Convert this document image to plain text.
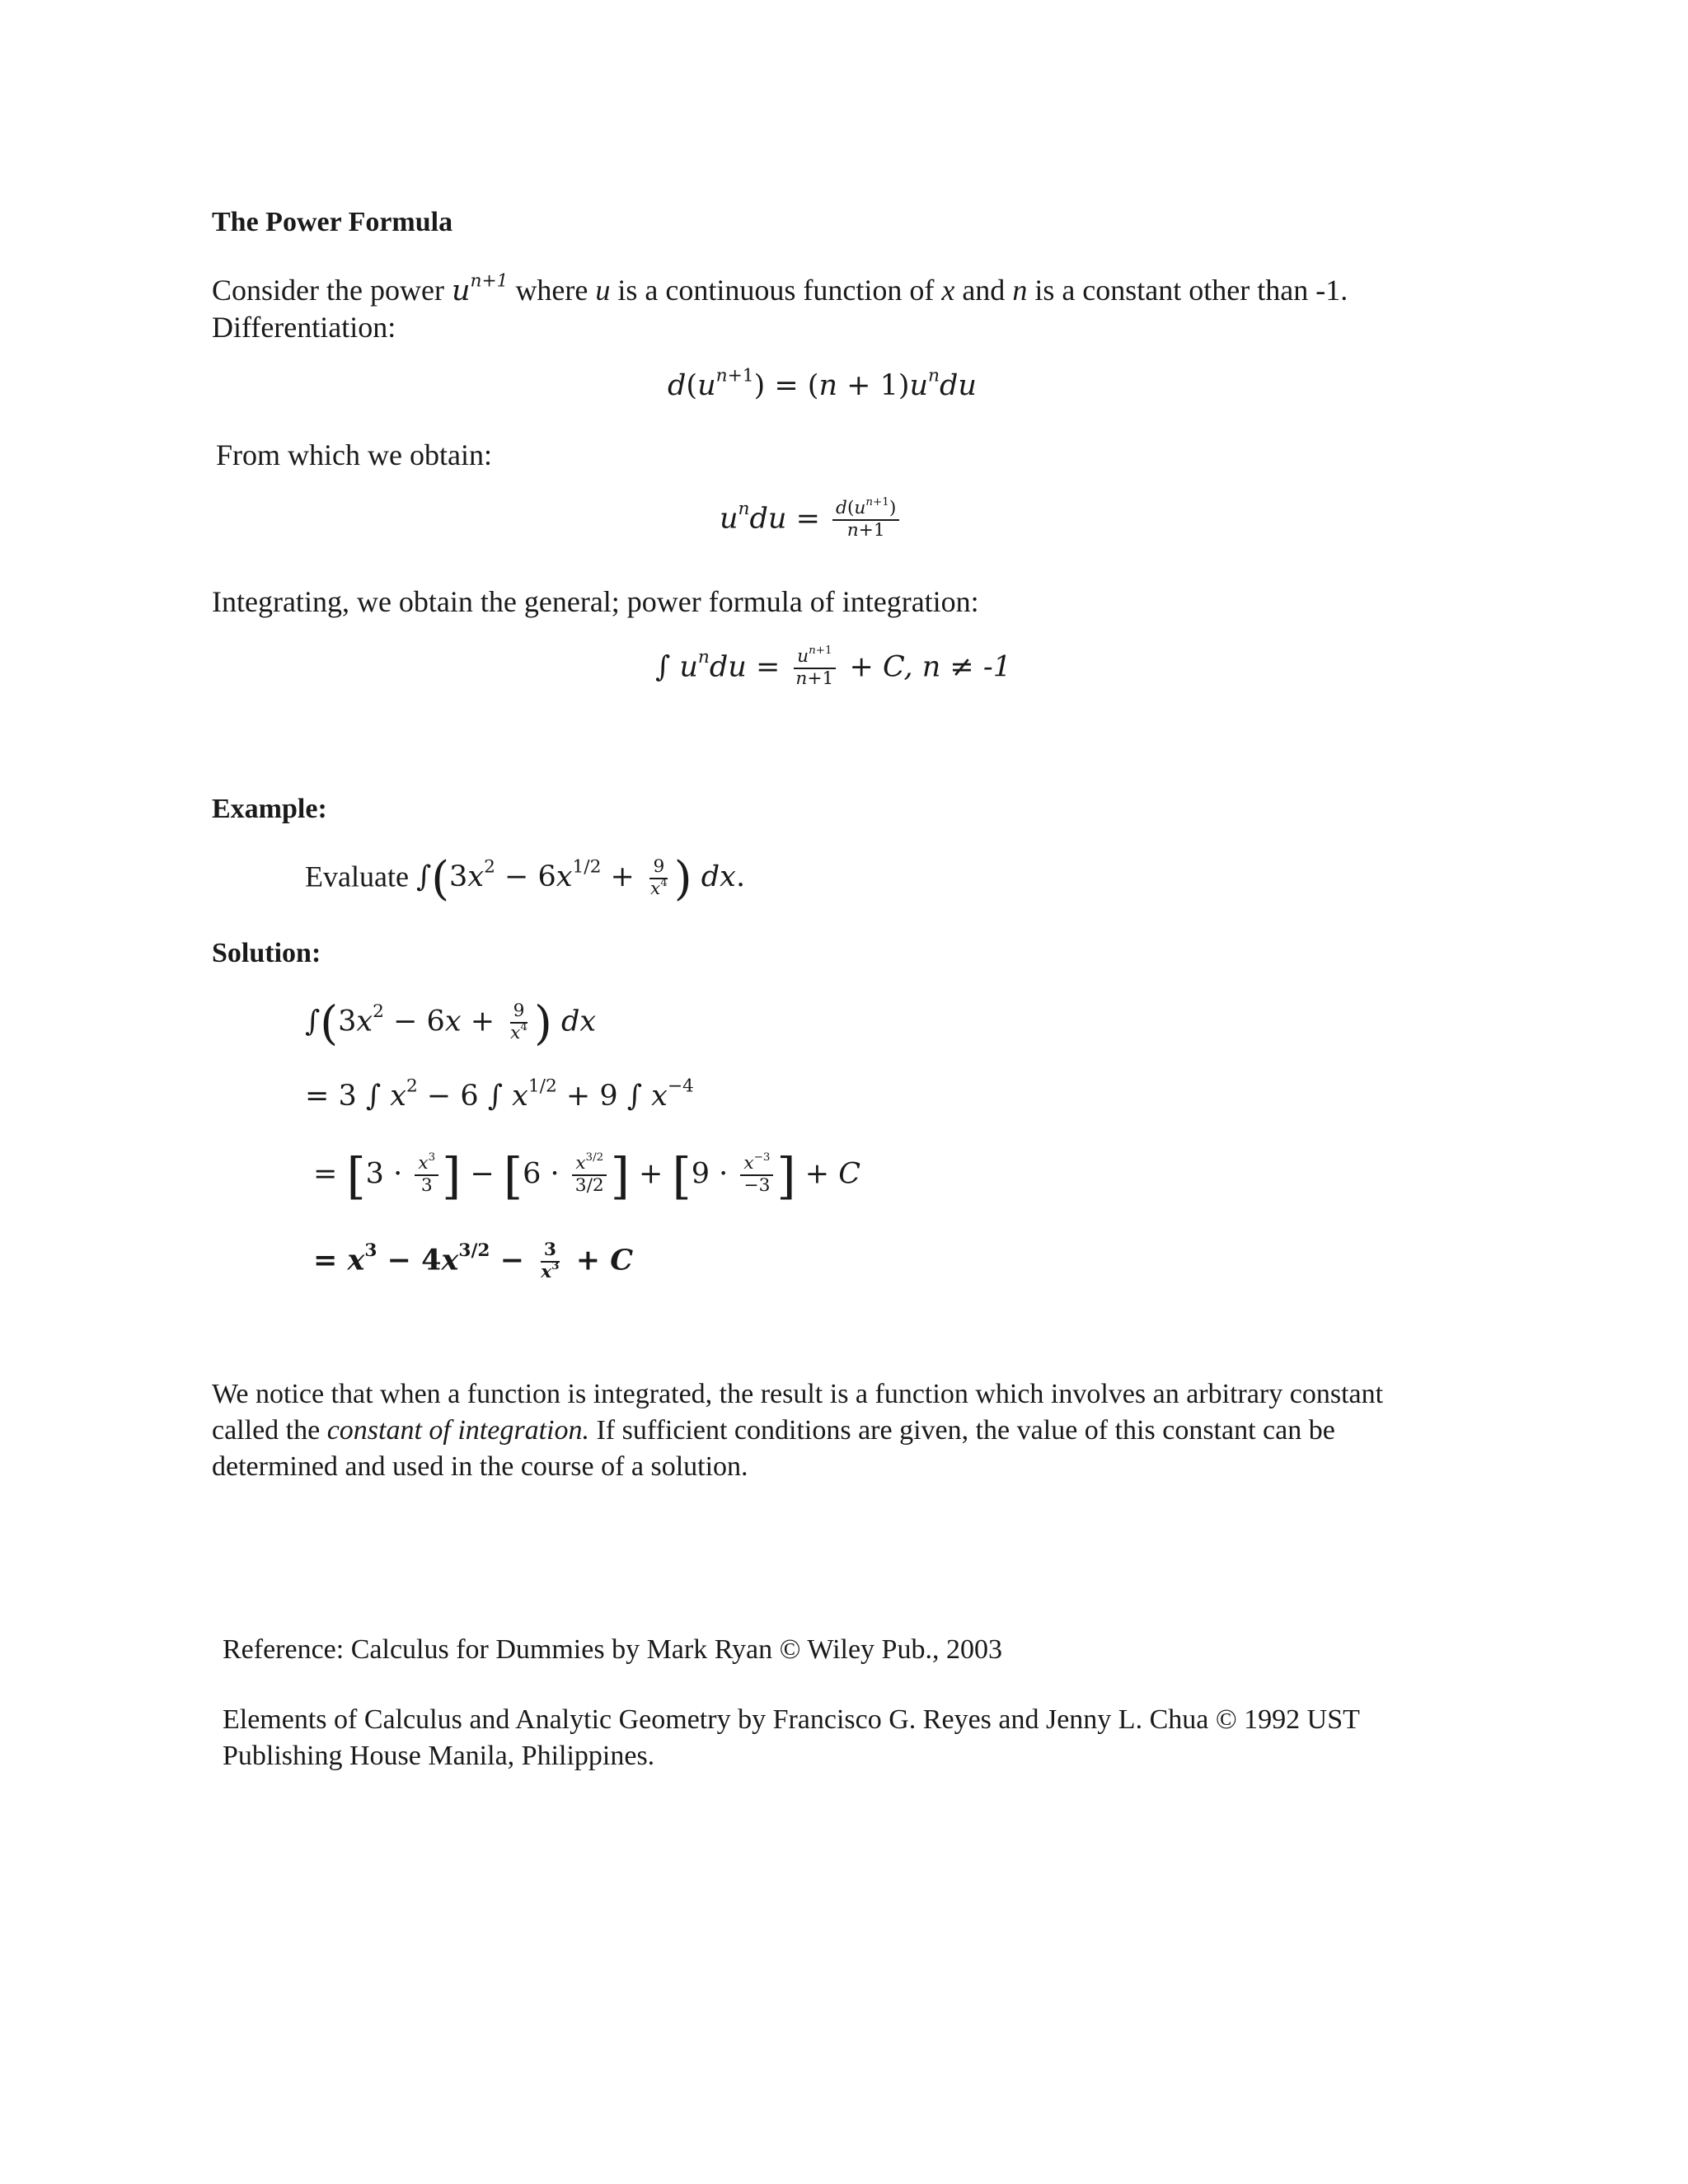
The Power Formula
Consider the power $u^{n+1}$ where u is a continuous function of x and n is a constant other than -1.
Differentiation:
$d(u^{n+1}) = (n + 1)u^ndu$
From which we obtain:
$u^ndu = \frac{d(u^{n+1})}{n+1}$
Integrating, we obtain the general; power formula of integration:
∫ $u^ndu = \frac{u^{n+1}}{n+1} + C$, n ≠ -1
Example:
Evaluate $\int(3x^2 - 6x^{1/2} + \frac{9}{x^4}$ ) dx.
Solution:
$\int(3x^2 - 6x + \frac{9}{x^4}$ ) dx
= 3 ∫ $x^2 - 6$ ∫ $x^{1/2} + 9$ ∫ $x^{-4}$
= [$3 \cdot \frac{x^3}{3}$ ] − [$6 \cdot \frac{x^{3/2}}{3/2}$ ] + [$9 \cdot \frac{x^{-3}}{-3}$ ] + C
= $x^3 - 4x^{3/2} - \frac{3}{x^3} + C$
We notice that when a function is integrated, the result is a function which involves an arbitrary constant called the constant of integration. If sufficient conditions are given, the value of this constant can be determined and used in the course of a solution.
Reference: Calculus for Dummies by Mark Ryan © Wiley Pub., 2003
Elements of Calculus and Analytic Geometry by Francisco G. Reyes and Jenny L. Chua © 1992 UST Publishing House Manila, Philippines.
